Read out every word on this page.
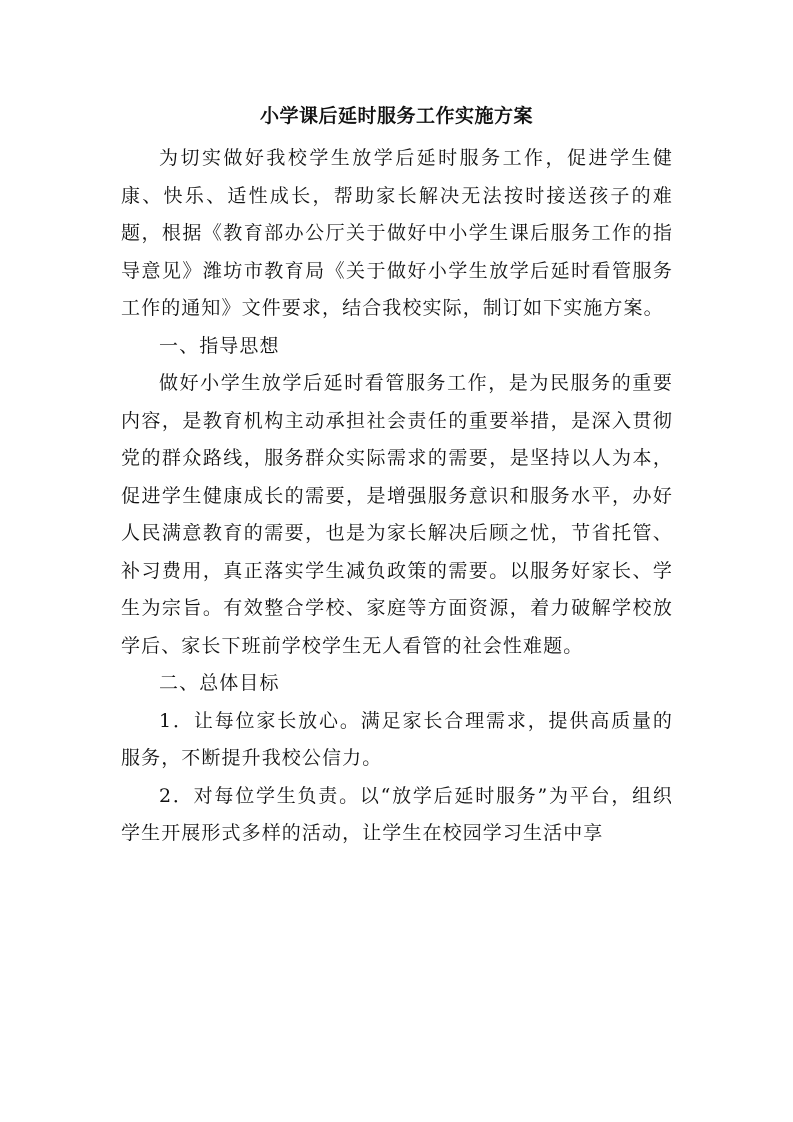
小学课后延时服务工作实施方案

为切实做好我校学生放学后延时服务工作，促进学生健康、快乐、适性成长，帮助家长解决无法按时接送孩子的难题，根据《教育部办公厅关于做好中小学生课后服务工作的指导意见》潍坊市教育局《关于做好小学生放学后延时看管服务工作的通知》文件要求，结合我校实际，制订如下实施方案。

一、指导思想

做好小学生放学后延时看管服务工作，是为民服务的重要内容，是教育机构主动承担社会责任的重要举措，是深入贯彻党的群众路线，服务群众实际需求的需要，是坚持以人为本，促进学生健康成长的需要，是增强服务意识和服务水平，办好人民满意教育的需要，也是为家长解决后顾之忧，节省托管、补习费用，真正落实学生减负政策的需要。以服务好家长、学生为宗旨。有效整合学校、家庭等方面资源，着力破解学校放学后、家长下班前学校学生无人看管的社会性难题。

二、总体目标

1．让每位家长放心。满足家长合理需求，提供高质量的服务，不断提升我校公信力。

2．对每位学生负责。以“放学后延时服务”为平台，组织学生开展形式多样的活动，让学生在校园学习生活中享
